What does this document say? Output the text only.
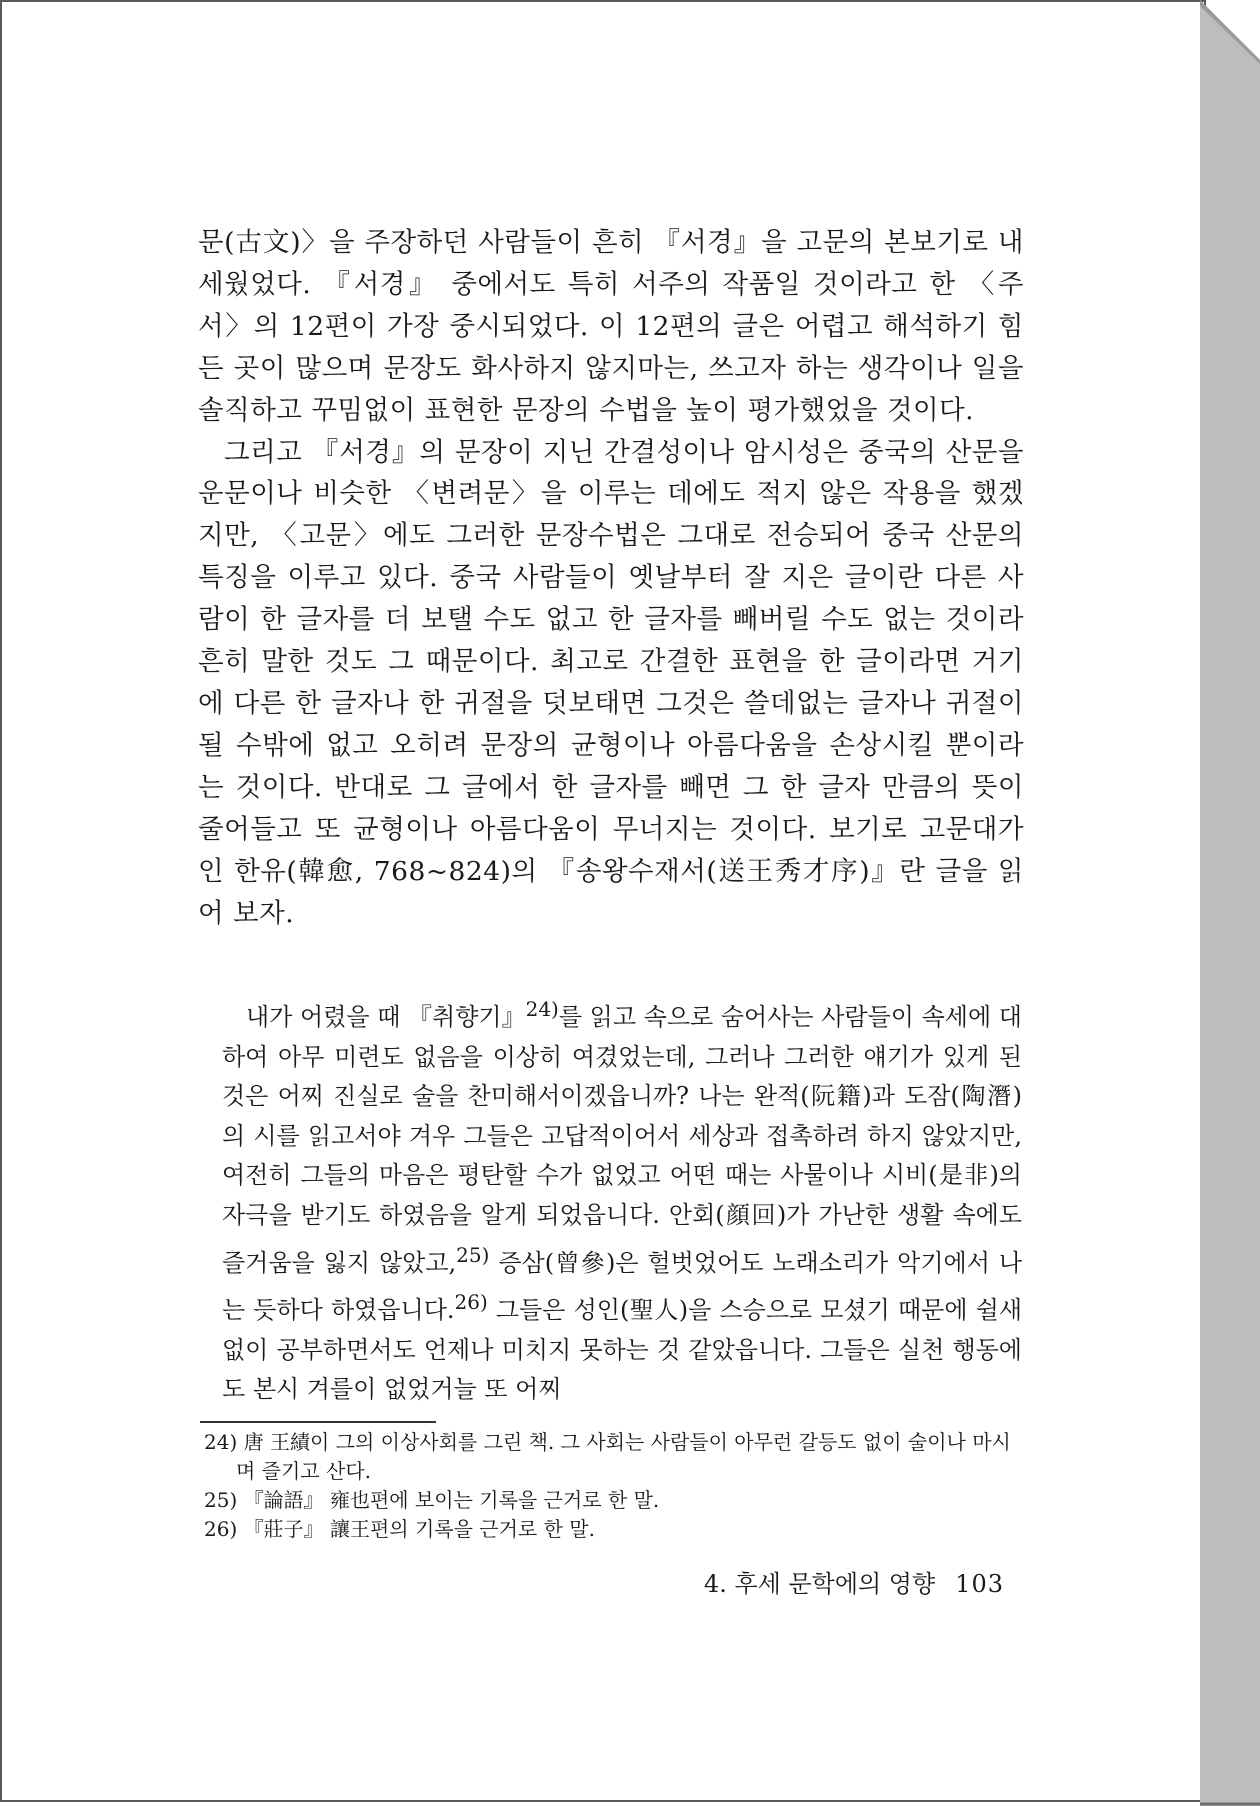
문(古文)〉을 주장하던 사람들이 흔히 『서경』을 고문의 본보기로 내세웠었다. 『서경』 중에서도 특히 서주의 작품일 것이라고 한 〈주서〉의 12편이 가장 중시되었다. 이 12편의 글은 어렵고 해석하기 힘든 곳이 많으며 문장도 화사하지 않지마는, 쓰고자 하는 생각이나 일을 솔직하고 꾸밈없이 표현한 문장의 수법을 높이 평가했었을 것이다.

그리고 『서경』의 문장이 지닌 간결성이나 암시성은 중국의 산문을 운문이나 비슷한 〈변려문〉을 이루는 데에도 적지 않은 작용을 했겠지만, 〈고문〉에도 그러한 문장수법은 그대로 전승되어 중국 산문의 특징을 이루고 있다. 중국 사람들이 옛날부터 잘 지은 글이란 다른 사람이 한 글자를 더 보탤 수도 없고 한 글자를 빼버릴 수도 없는 것이라 흔히 말한 것도 그 때문이다. 최고로 간결한 표현을 한 글이라면 거기에 다른 한 글자나 한 귀절을 덧보태면 그것은 쓸데없는 글자나 귀절이 될 수밖에 없고 오히려 문장의 균형이나 아름다움을 손상시킬 뿐이라는 것이다. 반대로 그 글에서 한 글자를 빼면 그 한 글자 만큼의 뜻이 줄어들고 또 균형이나 아름다움이 무너지는 것이다. 보기로 고문대가인 한유(韓愈, 768~824)의 『송왕수재서(送王秀才序)』란 글을 읽어 보자.

내가 어렸을 때 『취향기』$^{24)}$를 읽고 속으로 숨어사는 사람들이 속세에 대하여 아무 미련도 없음을 이상히 여겼었는데, 그러나 그러한 얘기가 있게 된 것은 어찌 진실로 술을 찬미해서이겠읍니까? 나는 완적(阮籍)과 도잠(陶潛)의 시를 읽고서야 겨우 그들은 고답적이어서 세상과 접촉하려 하지 않았지만, 여전히 그들의 마음은 평탄할 수가 없었고 어떤 때는 사물이나 시비(是非)의 자극을 받기도 하였음을 알게 되었읍니다. 안회(顔回)가 가난한 생활 속에도 즐거움을 잃지 않았고,$^{25)}$ 증삼(曾參)은 헐벗었어도 노래소리가 악기에서 나는 듯하다 하였읍니다.$^{26)}$ 그들은 성인(聖人)을 스승으로 모셨기 때문에 쉴새없이 공부하면서도 언제나 미치지 못하는 것 같았읍니다. 그들은 실천 행동에도 본시 겨를이 없었거늘 또 어찌

24) 唐 王績이 그의 이상사회를 그린 책. 그 사회는 사람들이 아무런 갈등도 없이 술이나 마시며 즐기고 산다.

25) 『論語』 雍也편에 보이는 기록을 근거로 한 말.

26) 『莊子』 讓王편의 기록을 근거로 한 말.

4. 후세 문학에의 영향 103
